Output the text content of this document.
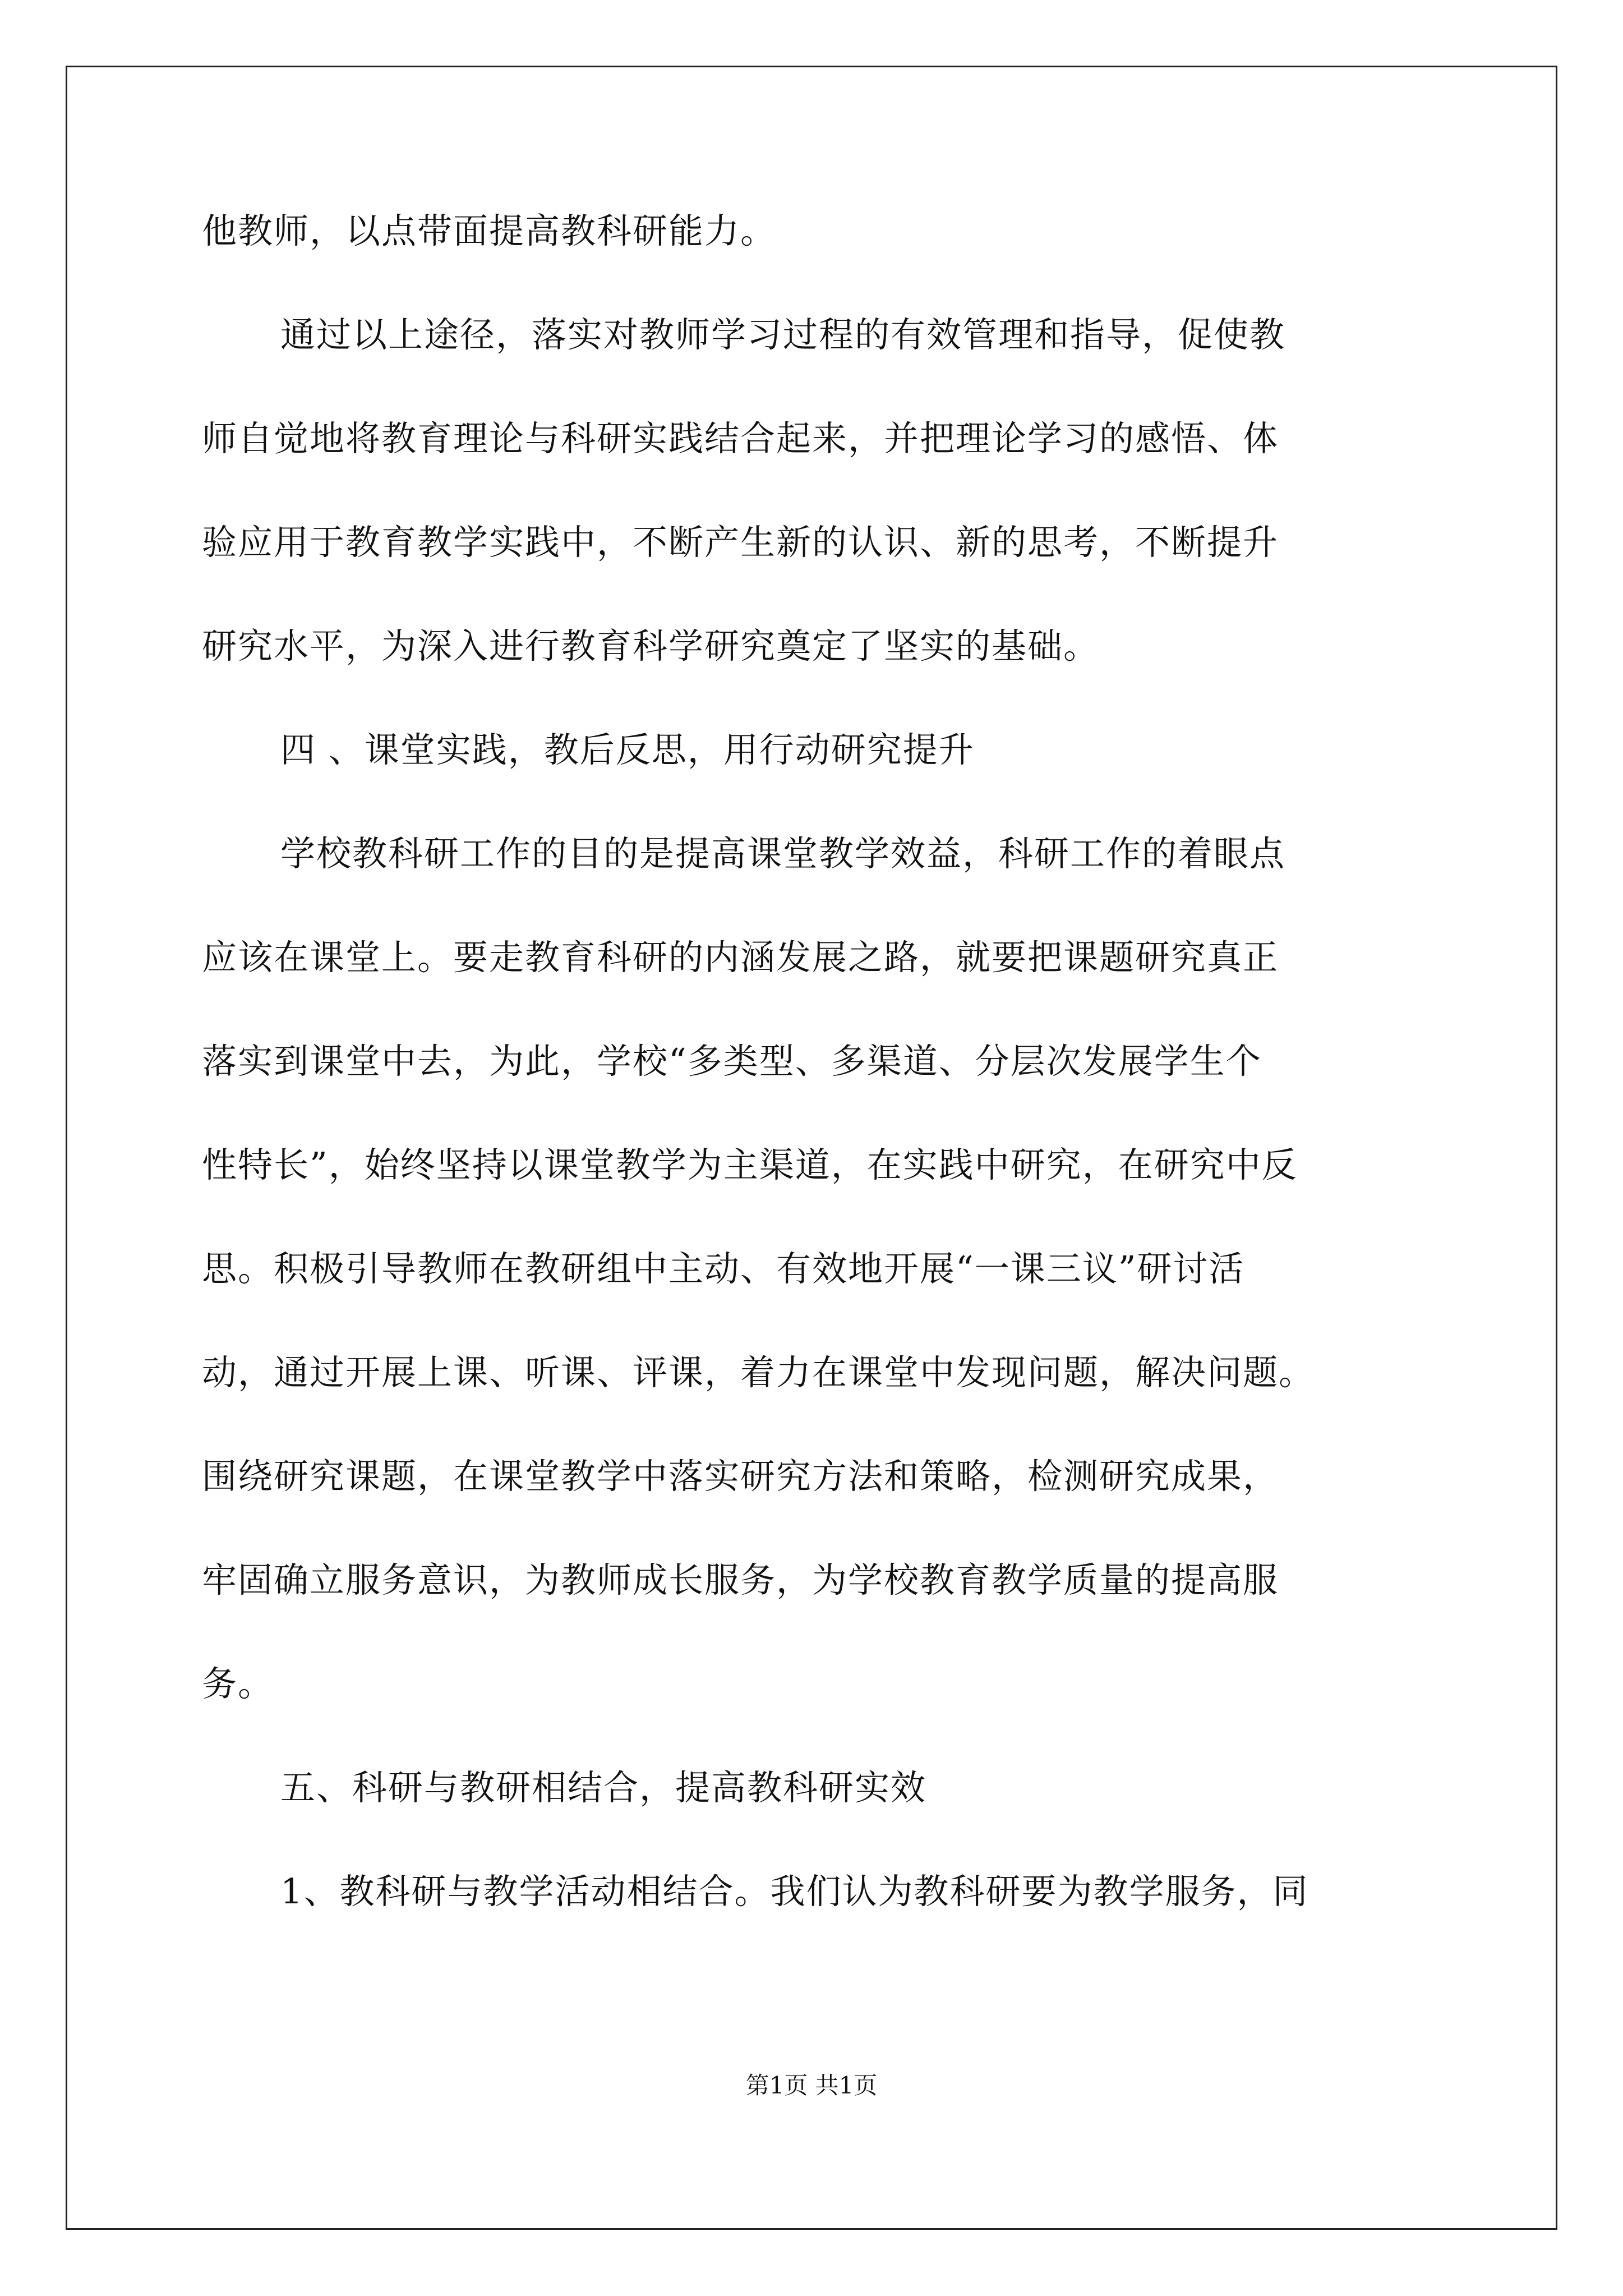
他教师，以点带面提高教科研能力。
通过以上途径，落实对教师学习过程的有效管理和指导，促使教
师自觉地将教育理论与科研实践结合起来，并把理论学习的感悟、体
验应用于教育教学实践中，不断产生新的认识、新的思考，不断提升
研究水平，为深入进行教育科学研究奠定了坚实的基础。
四 、课堂实践，教后反思，用行动研究提升
学校教科研工作的目的是提高课堂教学效益，科研工作的着眼点
应该在课堂上。要走教育科研的内涵发展之路，就要把课题研究真正
落实到课堂中去，为此，学校“多类型、多渠道、分层次发展学生个
性特长”，始终坚持以课堂教学为主渠道，在实践中研究，在研究中反
思。积极引导教师在教研组中主动、有效地开展“一课三议”研讨活
动，通过开展上课、听课、评课，着力在课堂中发现问题，解决问题。
围绕研究课题，在课堂教学中落实研究方法和策略，检测研究成果，
牢固确立服务意识，为教师成长服务，为学校教育教学质量的提高服
务。
五、科研与教研相结合，提高教科研实效
1、教科研与教学活动相结合。我们认为教科研要为教学服务，同
第1页 共1页
